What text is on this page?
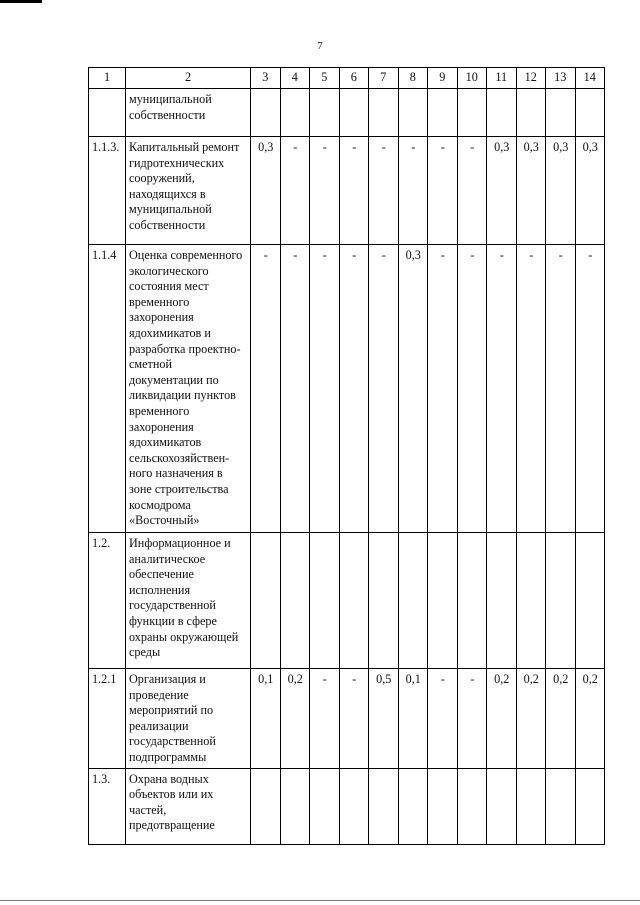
7
1	2	3	4	5	6	7	8	9	10	11	12	13	14
	муниципальной собственности												
1.1.3.	Капитальный ремонт гидротехнических сооружений, находящихся в муниципальной собственности	0,3	-	-	-	-	-	-	-	0,3	0,3	0,3	0,3
1.1.4	Оценка современного экологического состояния мест временного захоронения ядохимикатов и разработка проектно-сметной документации по ликвидации пунктов временного захоронения ядохимикатов сельскохозяйствен-ного назначения в зоне строительства космодрома «Восточный»	-	-	-	-	-	0,3	-	-	-	-	-	-
1.2.	Информационное и аналитическое обеспечение исполнения государственной функции в сфере охраны окружающей среды												
1.2.1	Организация и проведение мероприятий по реализации государственной подпрограммы	0,1	0,2	-	-	0,5	0,1	-	-	0,2	0,2	0,2	0,2
1.3.	Охрана водных объектов или их частей, предотвращение												
